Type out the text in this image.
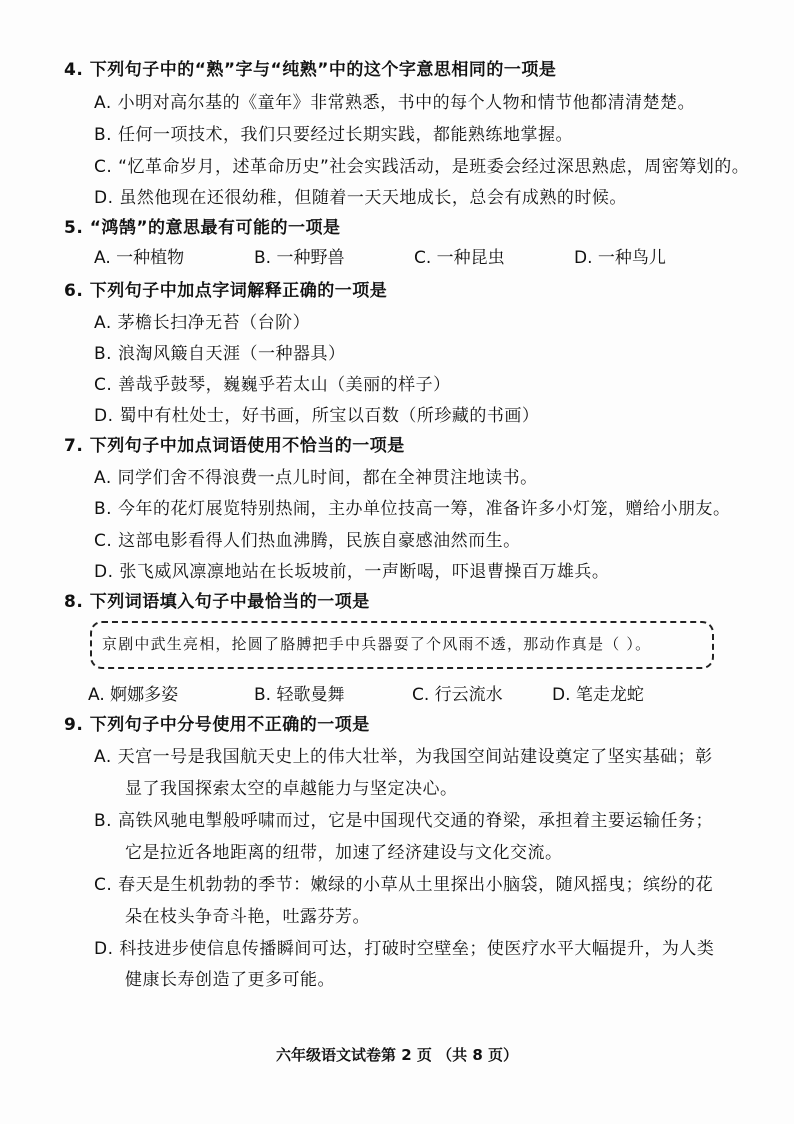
4. 下列句子中的“熟”字与“纯熟”中的这个字意思相同的一项是
A. 小明对高尔基的《童年》非常熟悉，书中的每个人物和情节他都清清楚楚。
B. 任何一项技术，我们只要经过长期实践，都能熟练地掌握。
C. “忆革命岁月，述革命历史”社会实践活动，是班委会经过深思熟虑，周密筹划的。
D. 虽然他现在还很幼稚，但随着一天天地成长，总会有成熟的时候。
5. “鸿鹄”的意思最有可能的一项是
A. 一种植物	B. 一种野兽	C. 一种昆虫	D. 一种鸟儿
6. 下列句子中加点字词解释正确的一项是
A. 茅檐长扫净无苔（台阶）
B. 浪淘风簸自天涯（一种器具）
C. 善哉乎鼓琴，巍巍乎若太山（美丽的样子）
D. 蜀中有杜处士，好书画，所宝以百数（所珍藏的书画）
7. 下列句子中加点词语使用不恰当的一项是
A. 同学们舍不得浪费一点儿时间，都在全神贯注地读书。
B. 今年的花灯展览特别热闹，主办单位技高一筹，准备许多小灯笼，赠给小朋友。
C. 这部电影看得人们热血沸腾，民族自豪感油然而生。
D. 张飞威风凛凛地站在长坂坡前，一声断喝，吓退曹操百万雄兵。
8. 下列词语填入句子中最恰当的一项是
京剧中武生亮相，抡圆了胳膊把手中兵器耍了个风雨不透，那动作真是（ ）。
A. 婀娜多姿	B. 轻歌曼舞	C. 行云流水	D. 笔走龙蛇
9. 下列句子中分号使用不正确的一项是
A. 天宫一号是我国航天史上的伟大壮举，为我国空间站建设奠定了坚实基础；彰
显了我国探索太空的卓越能力与坚定决心。
B. 高铁风驰电掣般呼啸而过，它是中国现代交通的脊梁，承担着主要运输任务；
它是拉近各地距离的纽带，加速了经济建设与文化交流。
C. 春天是生机勃勃的季节：嫩绿的小草从土里探出小脑袋，随风摇曳；缤纷的花
朵在枝头争奇斗艳，吐露芬芳。
D. 科技进步使信息传播瞬间可达，打破时空壁垒；使医疗水平大幅提升，为人类
健康长寿创造了更多可能。
六年级语文试卷第 2 页 （共 8 页）
